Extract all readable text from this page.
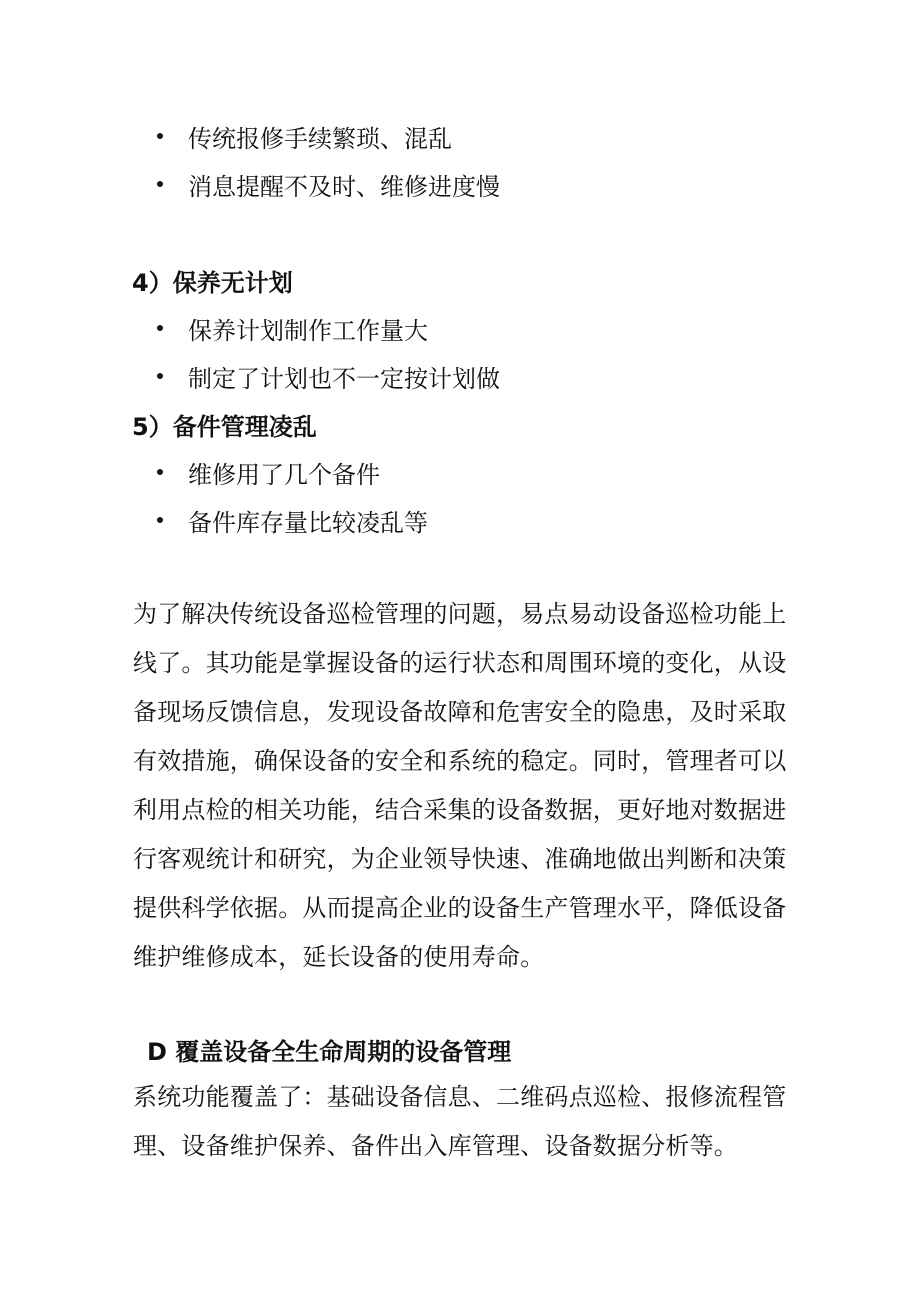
传统报修手续繁琐、混乱
消息提醒不及时、维修进度慢
4）保养无计划
保养计划制作工作量大
制定了计划也不一定按计划做
5）备件管理凌乱
维修用了几个备件
备件库存量比较凌乱等
为了解决传统设备巡检管理的问题，易点易动设备巡检功能上
线了。其功能是掌握设备的运行状态和周围环境的变化，从设
备现场反馈信息，发现设备故障和危害安全的隐患，及时采取
有效措施，确保设备的安全和系统的稳定。同时，管理者可以
利用点检的相关功能，结合采集的设备数据，更好地对数据进
行客观统计和研究，为企业领导快速、准确地做出判断和决策
提供科学依据。从而提高企业的设备生产管理水平，降低设备
维护维修成本，延长设备的使用寿命。
D 覆盖设备全生命周期的设备管理
系统功能覆盖了：基础设备信息、二维码点巡检、报修流程管
理、设备维护保养、备件出入库管理、设备数据分析等。
